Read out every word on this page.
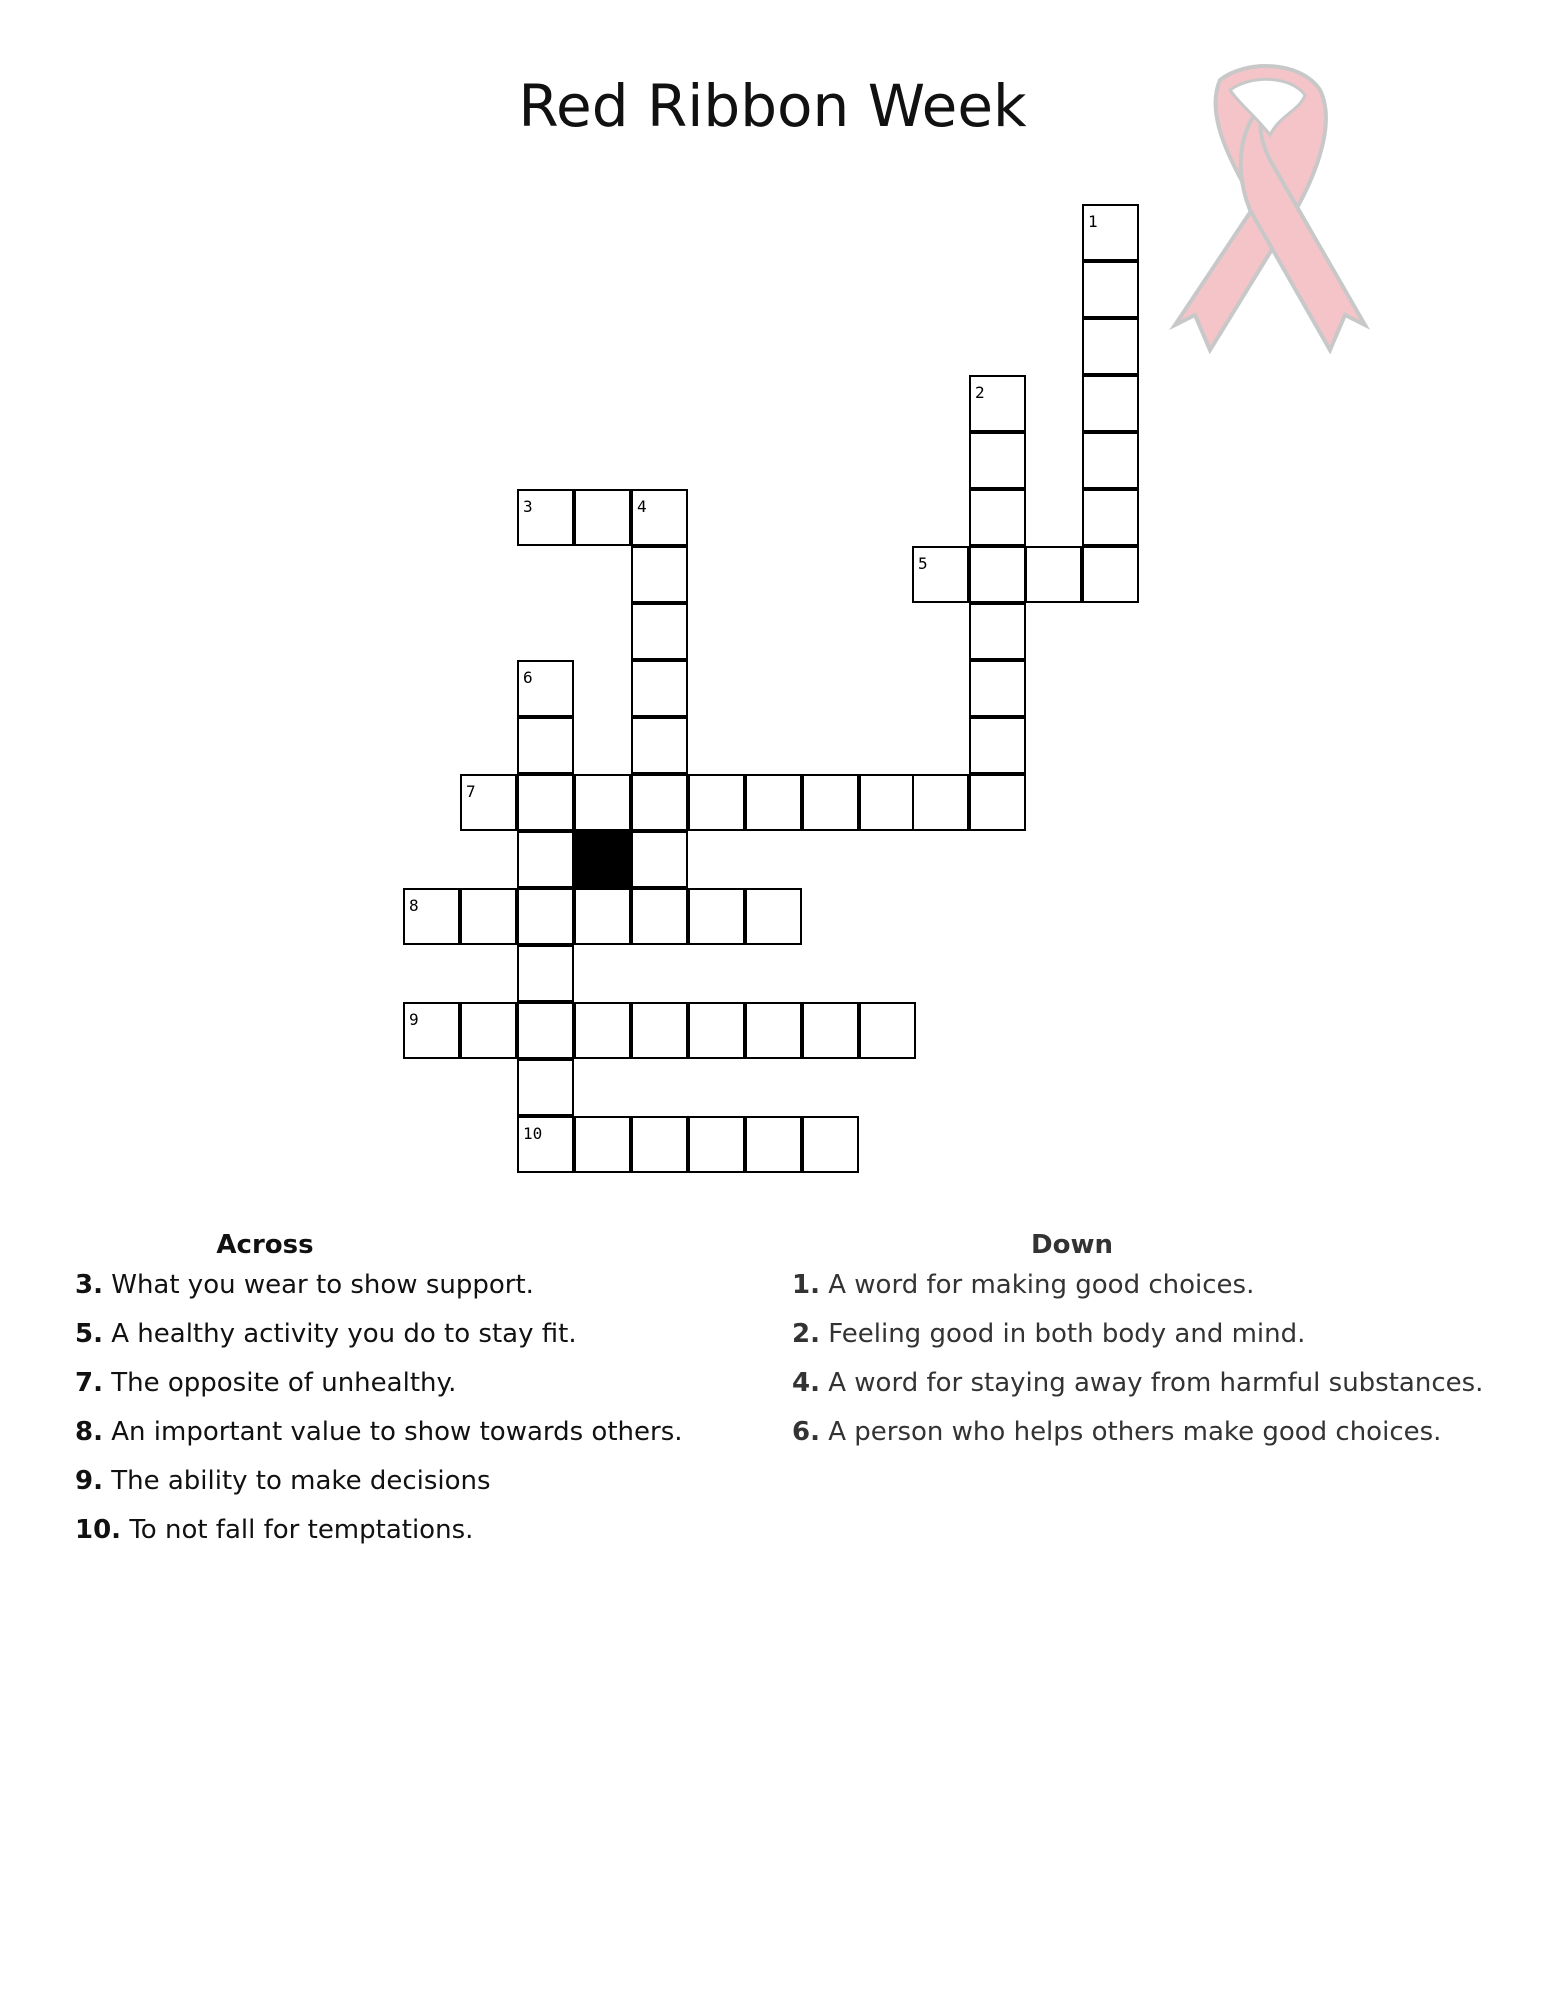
Red Ribbon Week
1
2
5
3	4
6
7
8
9
10
Across

3. What you wear to show support.

5. A healthy activity you do to stay fit.

7. The opposite of unhealthy.

8. An important value to show towards others.

9. The ability to make decisions

10. To not fall for temptations.

Down

1. A word for making good choices.

2. Feeling good in both body and mind.

4. A word for staying away from harmful substances.

6. A person who helps others make good choices.
